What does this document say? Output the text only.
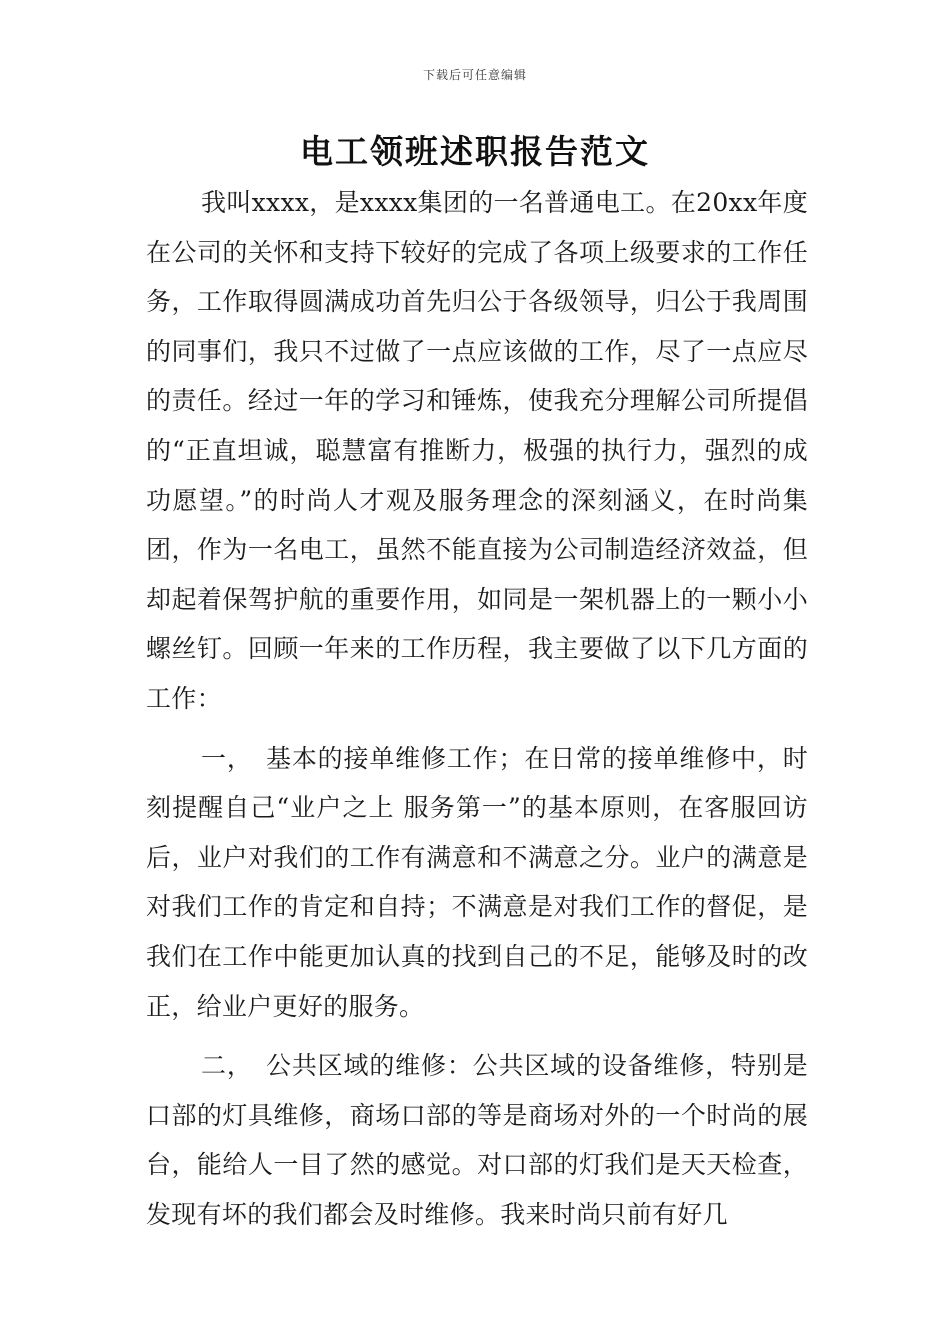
下载后可任意编辑
电工领班述职报告范文

我叫xxxx，是xxxx集团的一名普通电工。在20xx年度在公司的关怀和支持下较好的完成了各项上级要求的工作任务，工作取得圆满成功首先归公于各级领导，归公于我周围的同事们，我只不过做了一点应该做的工作，尽了一点应尽的责任。经过一年的学习和锤炼，使我充分理解公司所提倡的“正直坦诚，聪慧富有推断力，极强的执行力，强烈的成功愿望。”的时尚人才观及服务理念的深刻涵义，在时尚集团，作为一名电工，虽然不能直接为公司制造经济效益，但却起着保驾护航的重要作用，如同是一架机器上的一颗小小螺丝钉。回顾一年来的工作历程，我主要做了以下几方面的工作：

一，　基本的接单维修工作；在日常的接单维修中，时刻提醒自己“业户之上 服务第一”的基本原则，在客服回访后，业户对我们的工作有满意和不满意之分。业户的满意是对我们工作的肯定和自持；不满意是对我们工作的督促，是我们在工作中能更加认真的找到自己的不足，能够及时的改正，给业户更好的服务。

二，　公共区域的维修：公共区域的设备维修，特别是口部的灯具维修，商场口部的等是商场对外的一个时尚的展台，能给人一目了然的感觉。对口部的灯我们是天天检查，发现有坏的我们都会及时维修。我来时尚只前有好几
